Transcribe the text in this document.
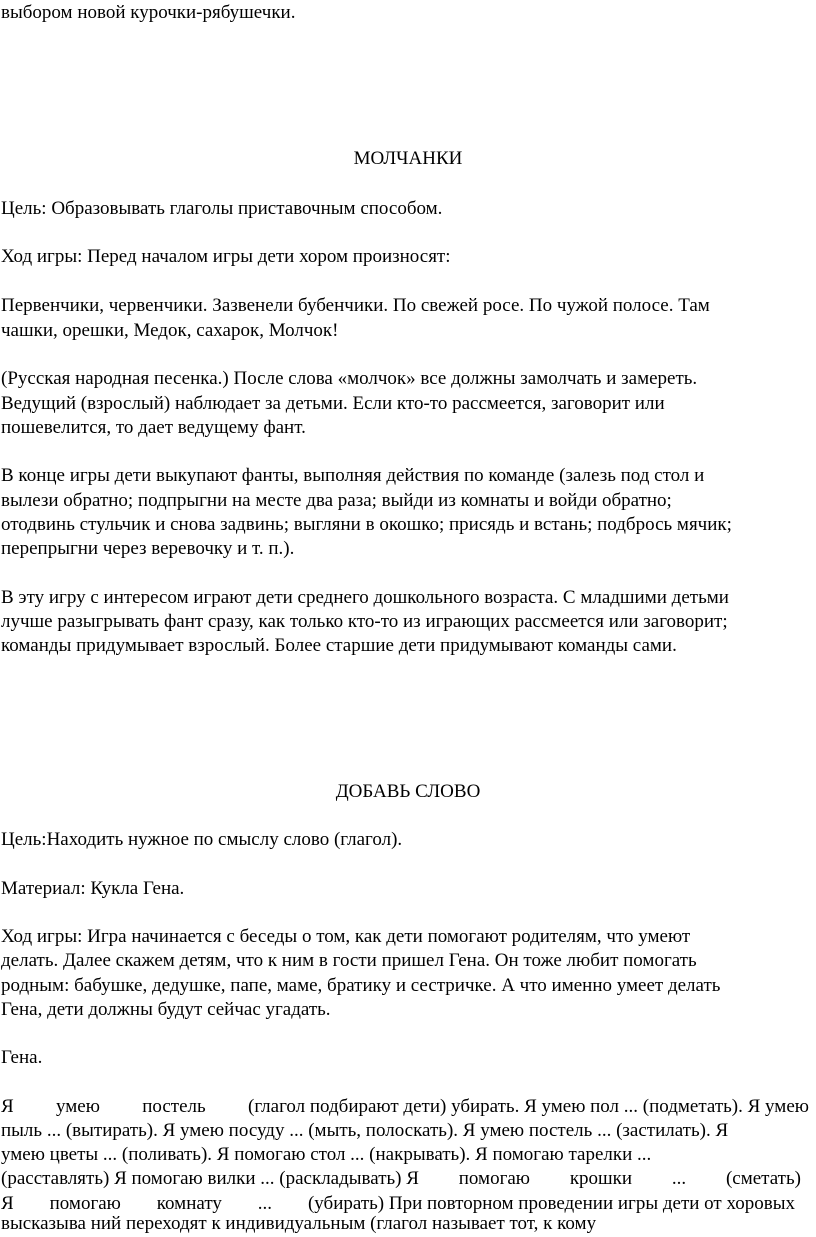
выбором новой курочки-рябушечки.
МОЛЧАНКИ
Цель: Образовывать глаголы приставочным способом.
Ход игры: Перед началом игры дети хором произносят:
Первенчики, червенчики. Зазвенели бубенчики. По свежей росе. По чужой полосе. Там
чашки, орешки, Медок, сахарок, Молчок!
(Русская народная песенка.) После слова «молчок» все должны замолчать и замереть.
Ведущий (взрослый) наблюдает за детьми. Если кто-то рассмеется, заговорит или
пошевелится, то дает ведущему фант.
В конце игры дети выкупают фанты, выполняя действия по команде (залезь под стол и
вылези обратно; подпрыгни на месте два раза; выйди из комнаты и войди обратно;
отодвинь стульчик и снова задвинь; выгляни в окошко; присядь и встань; подбрось мячик;
перепрыгни через веревочку и т. п.).
В эту игру с интересом играют дети среднего дошкольного возраста. С младшими детьми
лучше разыгрывать фант сразу, как только кто-то из играющих рассмеется или заговорит;
команды придумывает взрослый. Более старшие дети придумывают команды сами.
ДОБАВЬ СЛОВО
Цель:Находить нужное по смыслу слово (глагол).
Материал: Кукла Гена.
Ход игры: Игра начинается с беседы о том, как дети помогают родителям, что умеют
делать. Далее скажем детям, что к ним в гости пришел Гена. Он тоже любит помогать
родным: бабушке, дедушке, папе, маме, братику и сестричке. А что именно умеет делать
Гена, дети должны будут сейчас угадать.
Гена.
Я умею постель (глагол подбирают дети) убирать. Я умею пол ... (подметать). Я умею
пыль ... (вытирать). Я умею посуду ... (мыть, полоскать). Я умею постель ... (застилать). Я
умею цветы ... (поливать). Я помогаю стол ... (накрывать). Я помогаю тарелки ...
(расставлять) Я помогаю вилки ... (раскладывать) Я помогаю крошки ... (сметать)
Я помогаю комнату ... (убирать) При повторном проведении игры дети от хоровых
высказыва ний переходят к индивидуальным (глагол называет тот, к кому
